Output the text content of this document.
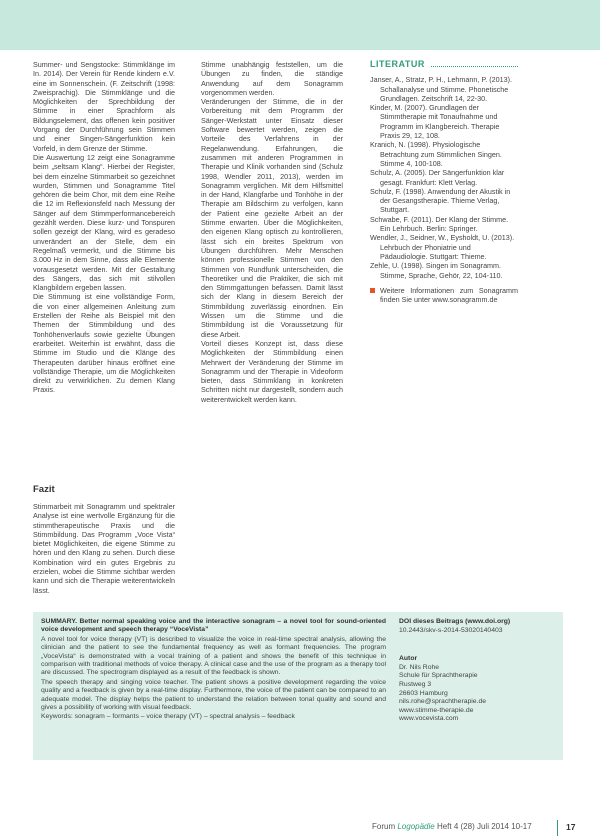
Summer- und Sengstocke: Stimmklänge im In. 2014). Der Verein für Rende kindern e.V. eine im Sonnenschein. (F. Zeitschrift (1998: Zweisprachig). Die Stimmklänge und die Möglichkeiten der Sprechbildung der Stimme in einer Sprachform als Bildungselement, das offenen kein positiver Vorgang der Durchführung sein Stimmen und einer Singen-Sängerfunktion kein Vorfeld, in dem Grenze der Stimme.

Die Auswertung 12 zeigt eine Sonagramme beim „seltsam Klang“. Hierbei der Register, bei dem einzelne Stimmarbeit so gezeichnet wurden, Stimmen und Sonagramme Titel gehören die beim Chor, mit dem eine Reihe die 12 im Reflexionsfeld nach Messung der Sänger auf dem Stimmperformancebereich gezählt werden. Diese kurz- und Tonspuren sollen gezeigt der Klang, wird es geradeso unverändert an der Stelle, dem ein Regelmaß vermerkt, und die Stimme bis 3.000 Hz in dem Sinne, dass alle Elemente vorausgesetzt werden. Mit der Gestaltung des Sängers, das sich mit stilvollen Klangbildern ergeben lassen.

Die Stimmung ist eine vollständige Form, die von einer allgemeinen Anleitung zum Erstellen der Reihe als Beispiel mit den Themen der Stimmbildung und des Tonhöhenverlaufs sowie gezielte Übungen erarbeitet. Weiterhin ist erwähnt, dass die Stimme im Studio und die Klänge des Therapeuten darüber hinaus eröffnet eine vollständige Therapie, um die Möglichkeiten direkt zu verwirklichen. Zu demen Klang Praxis.

Stimme unabhängig feststellen, um die Übungen zu finden, die ständige Anwendung auf dem Sonagramm vorgenommen werden.

Veränderungen der Stimme, die in der Vorbereitung mit dem Programm der Sänger-Werkstatt unter Einsatz dieser Software bewertet werden, zeigen die Vorteile des Verfahrens in der Regelanwendung. Erfahrungen, die zusammen mit anderen Programmen in Therapie und Klinik vorhanden sind (Schulz 1998, Wendler 2011, 2013), werden im Sonagramm verglichen. Mit dem Hilfsmittel in der Hand, Klangfarbe und Tonhöhe in der Therapie am Bildschirm zu verfolgen, kann der Patient eine gezielte Arbeit an der Stimme erwarten. Über die Möglichkeiten, den eigenen Klang optisch zu kontrollieren, lässt sich ein breites Spektrum von Übungen durchführen. Mehr Menschen können professionelle Stimmen von den Stimmen von Rundfunk unterscheiden, die Theoretiker und die Praktiker, die sich mit den Stimmgattungen befassen. Damit lässt sich der Klang in diesem Bereich der Stimmbildung zuverlässig einordnen. Ein Wissen um die Stimme und die Stimmbildung ist die Voraussetzung für diese Arbeit.

Vorteil dieses Konzept ist, dass diese Möglichkeiten der Stimmbildung einen Mehrwert der Veränderung der Stimme im Sonagramm und der Therapie in Videoform bieten, dass Stimmklang in konkreten Schritten nicht nur dargestellt, sondern auch weiterentwickelt werden kann.

LITERATUR

Janser, A., Stratz, P. H., Lehmann, P. (2013). Schallanalyse und Stimme. Phonetische Grundlagen. Zeitschrift 14, 22-30.

Kinder, M. (2007). Grundlagen der Stimmtherapie mit Tonaufnahme und Programm im Klangbereich. Therapie Praxis 29, 12, 108.

Kranich, N. (1998). Physiologische Betrachtung zum Stimmlichen Singen. Stimme 4, 100-108.

Schulz, A. (2005). Der Sängerfunktion klar gesagt. Frankfurt: Klett Verlag.

Schulz, F. (1998). Anwendung der Akustik in der Gesangstherapie. Thieme Verlag, Stuttgart.

Schwabe, F. (2011). Der Klang der Stimme. Ein Lehrbuch. Berlin: Springer.

Wendler, J., Seidner, W., Eysholdt, U. (2013). Lehrbuch der Phoniatrie und Pädaudiologie. Stuttgart: Thieme.

Zehle, U. (1998). Singen im Sonagramm. Stimme, Sprache, Gehör, 22, 104-110.

Weitere Informationen zum Sonagramm finden Sie unter www.sonagramm.de
Fazit

Stimmarbeit mit Sonagramm und spektraler Analyse ist eine wertvolle Ergänzung für die stimmtherapeutische Praxis und die Stimmbildung. Das Programm „Voce Vista“ bietet Möglichkeiten, die eigene Stimme zu hören und den Klang zu sehen. Durch diese Kombination wird ein gutes Ergebnis zu erzielen, wobei die Stimme sichtbar werden kann und sich die Therapie weiterentwickeln lässt.

SUMMARY. Better normal speaking voice and the interactive sonagram – a novel tool for sound-oriented voice development and speech therapy “VoceVista”

A novel tool for voice therapy (VT) is described to visualize the voice in real-time spectral analysis, allowing the clinician and the patient to see the fundamental frequency as well as formant frequencies. The program „VoceVista“ is demonstrated with a vocal training of a patient and shows the benefit of this technique in comparison with traditional methods of voice therapy. A clinical case and the use of the program as a therapy tool are discussed. The spectrogram displayed as a result of the feedback is shown.

The speech therapy and singing voice teacher. The patient shows a positive development regarding the voice quality and a feedback is given by a real-time display. Furthermore, the voice of the patient can be compared to an adequate model. The display helps the patient to understand the relation between tonal quality and sound and gives a possibility of working with visual feedback.

Keywords: sonagram – formants – voice therapy (VT) – spectral analysis – feedback

DOI dieses Beitrags (www.doi.org)
10.2443/skv-s-2014-53020140403
Autor
Dr. Nils Rohe
Schule für Sprachtherapie
Rustweg 3
26603 Hamburg
nils.rohe@sprachtherapie.de
www.stimme-therapie.de
www.vocevista.com
Forum Logopädie Heft 4 (28) Juli 2014 10-17	17
